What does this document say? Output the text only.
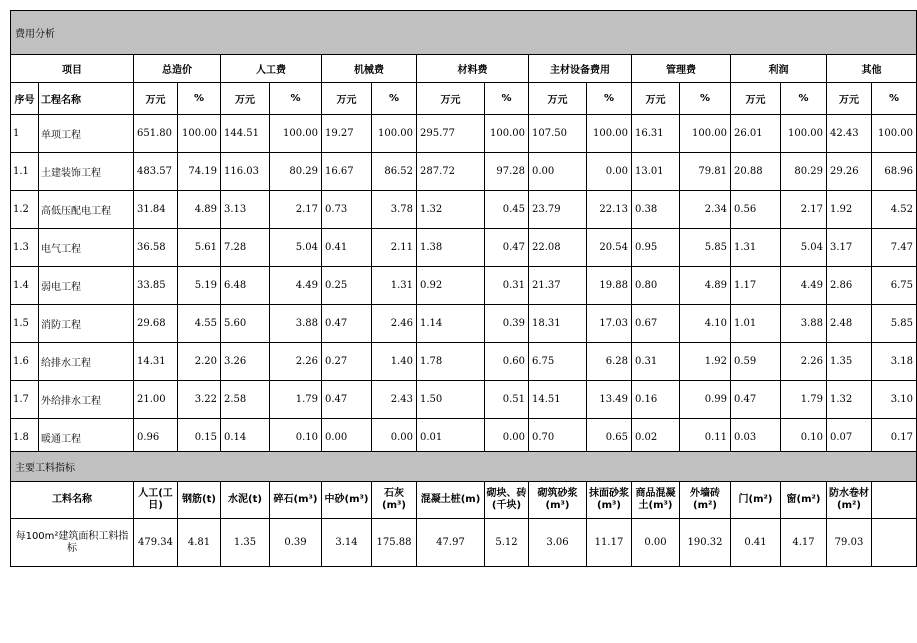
费用分析																	
项目		总造价		人工费		机械费		材料费		主材设备费用		管理费		利润		其他	
序号	工程名称	万元	%	万元	%	万元	%	万元	%	万元	%	万元	%	万元	%	万元	%
1	单项工程	651.80	100.00	144.51	100.00	19.27	100.00	295.77	100.00	107.50	100.00	16.31	100.00	26.01	100.00	42.43	100.00
1.1	土建装饰工程	483.57	74.19	116.03	80.29	16.67	86.52	287.72	97.28	0.00	0.00	13.01	79.81	20.88	80.29	29.26	68.96
1.2	高低压配电工程	31.84	4.89	3.13	2.17	0.73	3.78	1.32	0.45	23.79	22.13	0.38	2.34	0.56	2.17	1.92	4.52
1.3	电气工程	36.58	5.61	7.28	5.04	0.41	2.11	1.38	0.47	22.08	20.54	0.95	5.85	1.31	5.04	3.17	7.47
1.4	弱电工程	33.85	5.19	6.48	4.49	0.25	1.31	0.92	0.31	21.37	19.88	0.80	4.89	1.17	4.49	2.86	6.75
1.5	消防工程	29.68	4.55	5.60	3.88	0.47	2.46	1.14	0.39	18.31	17.03	0.67	4.10	1.01	3.88	2.48	5.85
1.6	给排水工程	14.31	2.20	3.26	2.26	0.27	1.40	1.78	0.60	6.75	6.28	0.31	1.92	0.59	2.26	1.35	3.18
1.7	外给排水工程	21.00	3.22	2.58	1.79	0.47	2.43	1.50	0.51	14.51	13.49	0.16	0.99	0.47	1.79	1.32	3.10
1.8	暖通工程	0.96	0.15	0.14	0.10	0.00	0.00	0.01	0.00	0.70	0.65	0.02	0.11	0.03	0.10	0.07	0.17
主要工料指标																
工料名称	人工(工日)	钢筋(t)	水泥(t)	碎石(m³)	中砂(m³)	石灰(m³)	混凝土桩(m)	砌块、砖(千块)	砌筑砂浆(m³)	抹面砂浆(m³)	商品混凝土(m³)	外墙砖(m²)	门(m²)	窗(m²)	防水卷材(m²)	
每100m²建筑面积工料指标	479.34	4.81	1.35	0.39	3.14	175.88	47.97	5.12	3.06	11.17	0.00	190.32	0.41	4.17	79.03	
